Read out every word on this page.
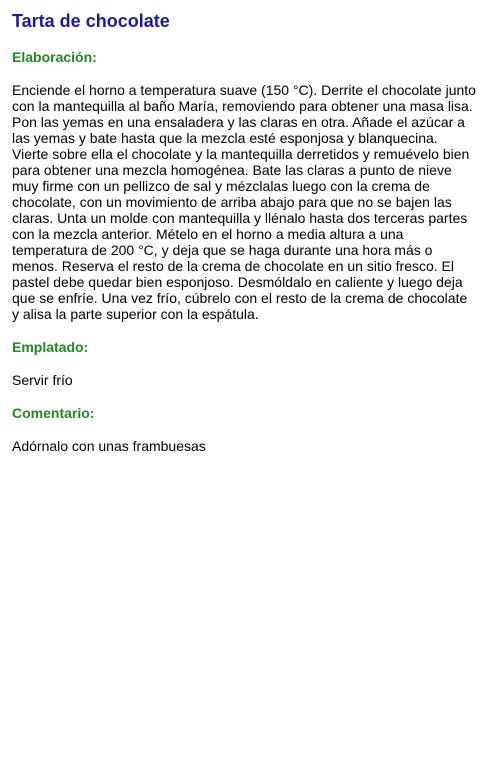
Tarta de chocolate
Elaboración:

Enciende el horno a temperatura suave (150 °C). Derrite el chocolate junto con la mantequilla al baño María, removiendo para obtener una masa lisa. Pon las yemas en una ensaladera y las claras en otra. Añade el azúcar a las yemas y bate hasta que la mezcla esté esponjosa y blanquecina. Vierte sobre ella el chocolate y la mantequilla derretidos y remuévelo bien para obtener una mezcla homogénea. Bate las claras a punto de nieve muy firme con un pellizco de sal y mézclalas luego con la crema de chocolate, con un movimiento de arriba abajo para que no se bajen las claras. Unta un molde con mantequilla y llénalo hasta dos terceras partes con la mezcla anterior. Mételo en el horno a media altura a una temperatura de 200 °C, y deja que se haga durante una hora más o menos. Reserva el resto de la crema de chocolate en un sitio fresco. El pastel debe quedar bien esponjoso. Desmóldalo en caliente y luego deja que se enfríe. Una vez frío, cúbrelo con el resto de la crema de chocolate y alisa la parte superior con la espátula.

Emplatado:

Servir frío

Comentario:

Adórnalo con unas frambuesas
